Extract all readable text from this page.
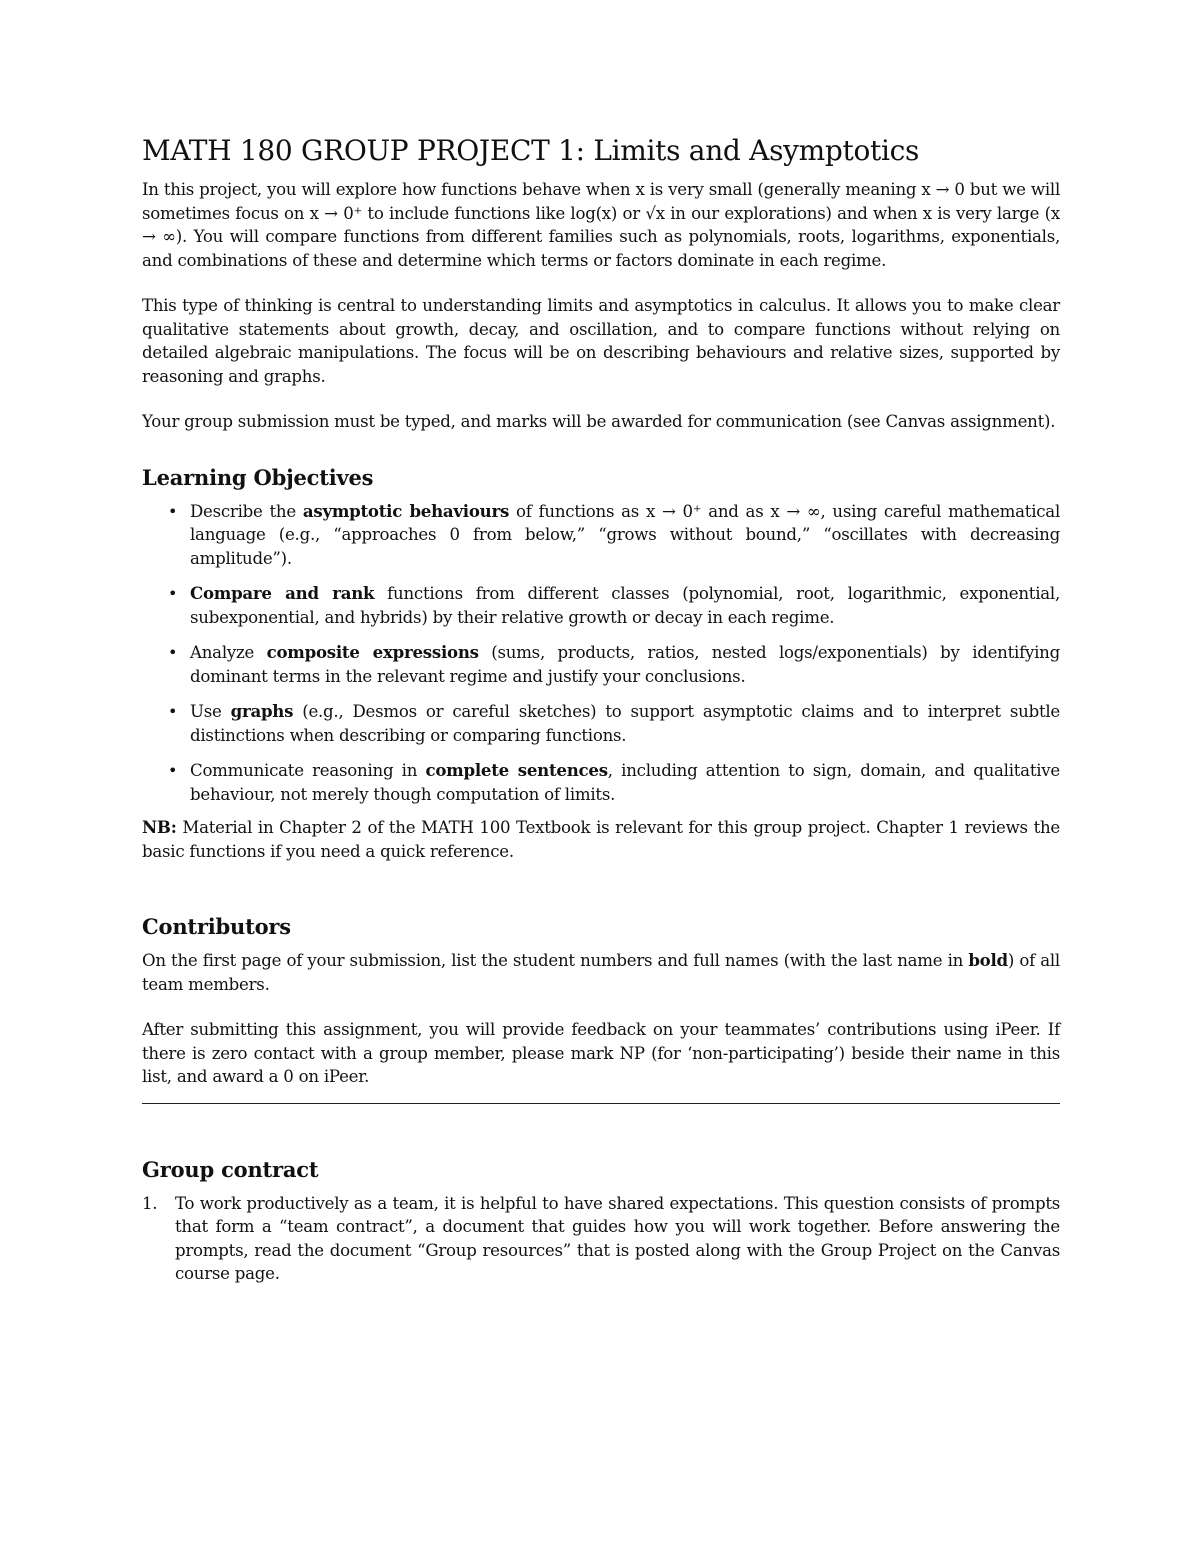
MATH 180 GROUP PROJECT 1: Limits and Asymptotics

In this project, you will explore how functions behave when x is very small (generally meaning x → 0 but we will sometimes focus on x → 0⁺ to include functions like log(x) or √x in our explorations) and when x is very large (x → ∞). You will compare functions from different families such as polynomials, roots, logarithms, exponentials, and combinations of these and determine which terms or factors dominate in each regime.

This type of thinking is central to understanding limits and asymptotics in calculus. It allows you to make clear qualitative statements about growth, decay, and oscillation, and to compare functions without relying on detailed algebraic manipulations. The focus will be on describing behaviours and relative sizes, supported by reasoning and graphs.

Your group submission must be typed, and marks will be awarded for communication (see Canvas assignment).

Learning Objectives
• Describe the asymptotic behaviours of functions as x → 0⁺ and as x → ∞, using careful mathematical language (e.g., “approaches 0 from below,” “grows without bound,” “oscillates with decreasing amplitude”).
• Compare and rank functions from different classes (polynomial, root, logarithmic, exponential, subexponential, and hybrids) by their relative growth or decay in each regime.
• Analyze composite expressions (sums, products, ratios, nested logs/exponentials) by identifying dominant terms in the relevant regime and justify your conclusions.
• Use graphs (e.g., Desmos or careful sketches) to support asymptotic claims and to interpret subtle distinctions when describing or comparing functions.
• Communicate reasoning in complete sentences, including attention to sign, domain, and qualitative behaviour, not merely though computation of limits.

NB: Material in Chapter 2 of the MATH 100 Textbook is relevant for this group project. Chapter 1 reviews the basic functions if you need a quick reference.

Contributors

On the first page of your submission, list the student numbers and full names (with the last name in bold) of all team members.

After submitting this assignment, you will provide feedback on your teammates’ contributions using iPeer. If there is zero contact with a group member, please mark NP (for ‘non-participating’) beside their name in this list, and award a 0 on iPeer.

Group contract
1. To work productively as a team, it is helpful to have shared expectations. This question consists of prompts that form a “team contract”, a document that guides how you will work together. Before answering the prompts, read the document “Group resources” that is posted along with the Group Project on the Canvas course page.
